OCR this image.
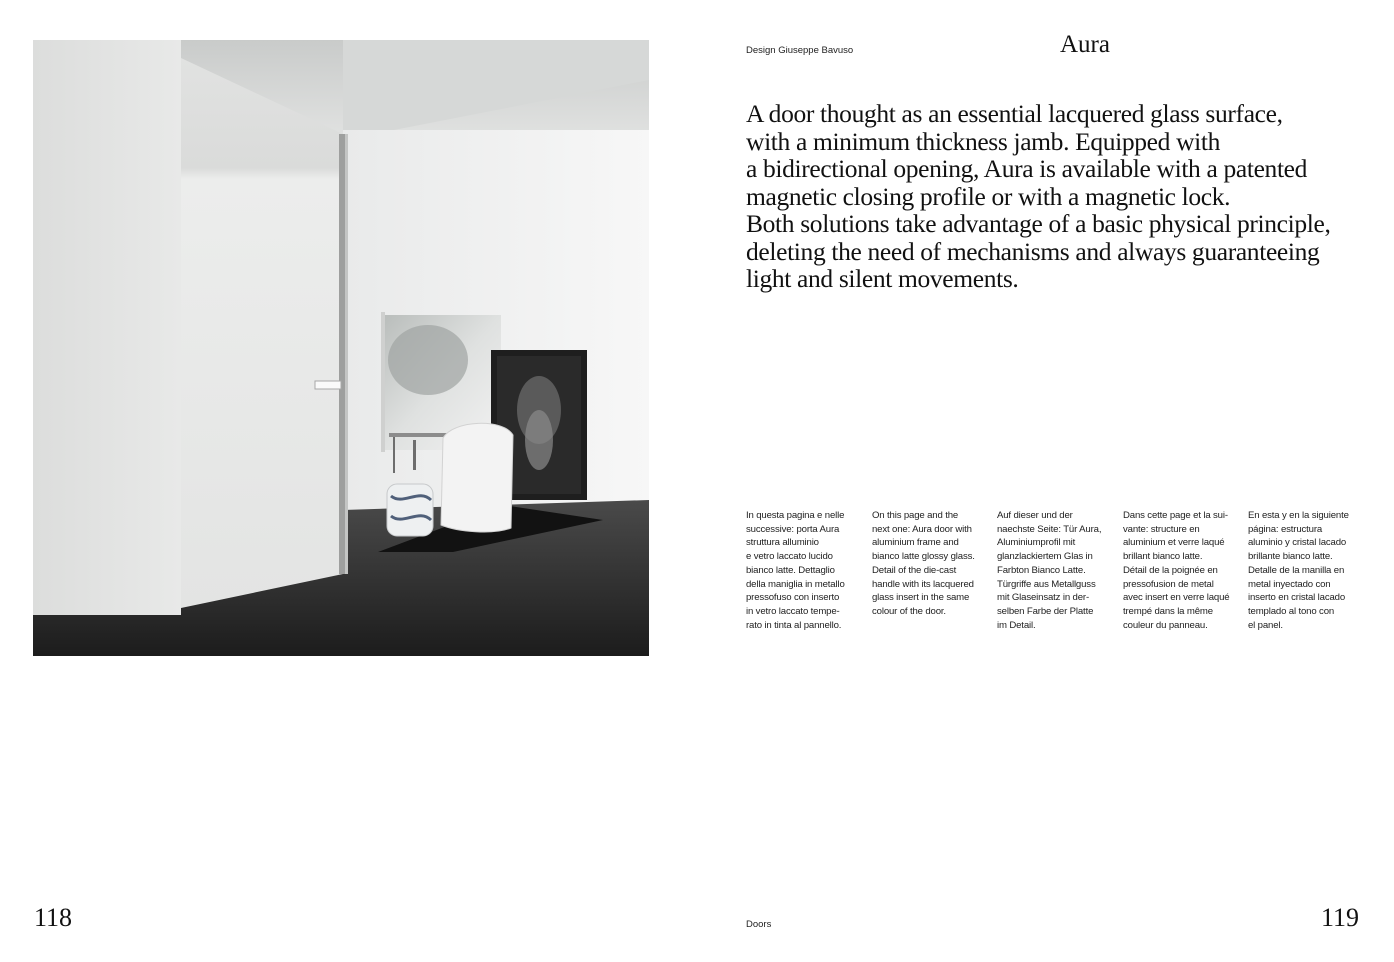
Design Giuseppe Bavuso	Aura

A door thought as an essential lacquered glass surface,
with a minimum thickness jamb. Equipped with
a bidirectional opening, Aura is available with a patented
magnetic closing profile or with a magnetic lock.
Both solutions take advantage of a basic physical principle,
deleting the need of mechanisms and always guaranteeing
light and silent movements.

In questa pagina e nelle
successive: porta Aura
struttura alluminio
e vetro laccato lucido
bianco latte. Dettaglio
della maniglia in metallo
pressofuso con inserto
in vetro laccato tempe-
rato in tinta al pannello.

On this page and the
next one: Aura door with
aluminium frame and
bianco latte glossy glass.
Detail of the die-cast
handle with its lacquered
glass insert in the same
colour of the door.

Auf dieser und der
naechste Seite: Tür Aura,
Aluminiumprofil mit
glanzlackiertem Glas in
Farbton Bianco Latte.
Türgriffe aus Metallguss
mit Glaseinsatz in der-
selben Farbe der Platte
im Detail.

Dans cette page et la sui-
vante: structure en
aluminium et verre laqué
brillant bianco latte.
Détail de la poignée en
pressofusion de metal
avec insert en verre laqué
trempé dans la même
couleur du panneau.

En esta y en la siguiente
página: estructura
aluminio y cristal lacado
brillante bianco latte.
Detalle de la manilla en
metal inyectado con
inserto en cristal lacado
templado al tono con
el panel.

118	Doors	119
